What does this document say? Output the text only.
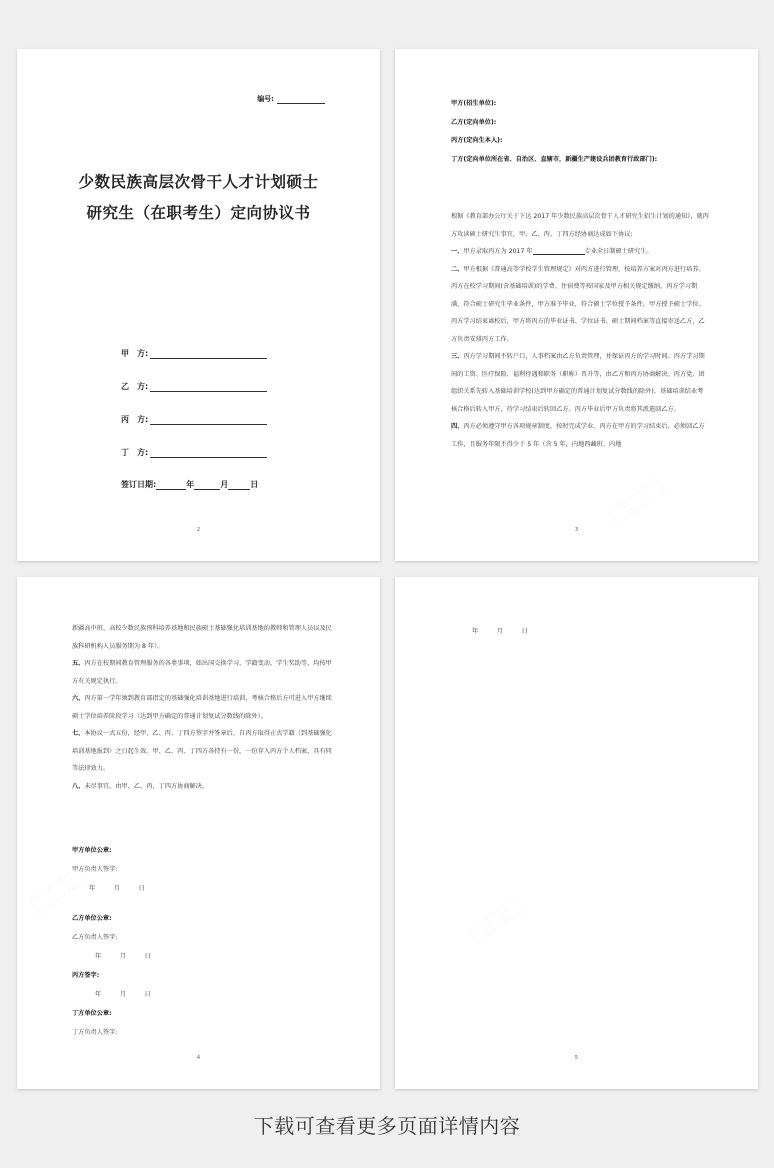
编号:
少数民族高层次骨干人才计划硕士
研究生（在职考生）定向协议书
甲　方:
乙　方:
丙　方:
丁　方:
签订日期:	年	月	日
2
甲方(招生单位):
乙方(定向单位):
丙方(定向生本人):
丁方(定向单位所在省、自治区、直辖市，新疆生产建设兵团教育行政部门):

根据《教育部办公厅关于下达 2017 年少数民族高层次骨干人才研究生招生计划的通知》，就丙方攻读硕士研究生事宜，甲、乙、丙、丁四方经协商达成如下协议:

一、甲方录取丙方为 2017 年	专业全日制硕士研究生。

二、甲方根据《普通高等学校学生管理规定》对丙方进行管理，按培养方案对丙方进行培养。丙方在校学习期间(含基础培训)的学费、住宿费等按国家及甲方相关规定缴纳。丙方学习期满，符合硕士研究生毕业条件，甲方准予毕业，符合硕士学位授予条件，甲方授予硕士学位。丙方学习结束离校后，甲方将丙方的毕业证书、学位证书、硕士期间档案等直接寄送乙方，乙方负责安排丙方工作。

三、丙方学习期间不转户口，人事档案由乙方负责管理，并保证丙方的学习时间。丙方学习期间的工资、医疗保险、福利待遇和职务（职称）晋升等，由乙方和丙方协商解决。丙方党、团组织关系先转入基础培训学校(达到甲方确定的普通计划复试分数线的除外)，基础培训结业考核合格后转入甲方，待学习结束后转回乙方。丙方毕业后甲方负责将其派遣回乙方。

四、丙方必须遵守甲方各项规章制度，按时完成学业。丙方在甲方的学习结束后，必须回乙方工作，且服务年限不得少于 5 年（含 5 年，内地西藏班、内地

3

新疆高中班、高校少数民族预科培养基地和民族硕士基础强化培训基地的教师和管理人员以及民族科研机构人员服务期为 8 年）。

五、丙方在校期间教育管理服务的各类事项，如出国交换学习、学籍变动、学生奖助等，均按甲方有关规定执行。

六、丙方第一学年须到教育部指定的基础强化培训基地进行培训，考核合格后方可进入甲方继续硕士学位培养阶段学习（达到甲方确定的普通计划复试分数线的除外）。

七、本协议一式五份，经甲、乙、丙、丁四方签字并签章后，自丙方取得正式学籍（到基础强化培训基地报到）之日起生效。甲、乙、丙、丁四方各持有一份，一份存入丙方个人档案，具有同等法律效力。

八、未尽事宜，由甲、乙、丙、丁四方协商解决。

甲方单位公章:
甲方负责人签字:
年　　　月　　　日
乙方单位公章:
乙方负责人签字:
年　　　月　　　日
丙方签字:
年　　　月　　　日
丁方单位公章:
丁方负责人签字:
4
年　　　月　　　日
5
下载可查看更多页面详情内容
